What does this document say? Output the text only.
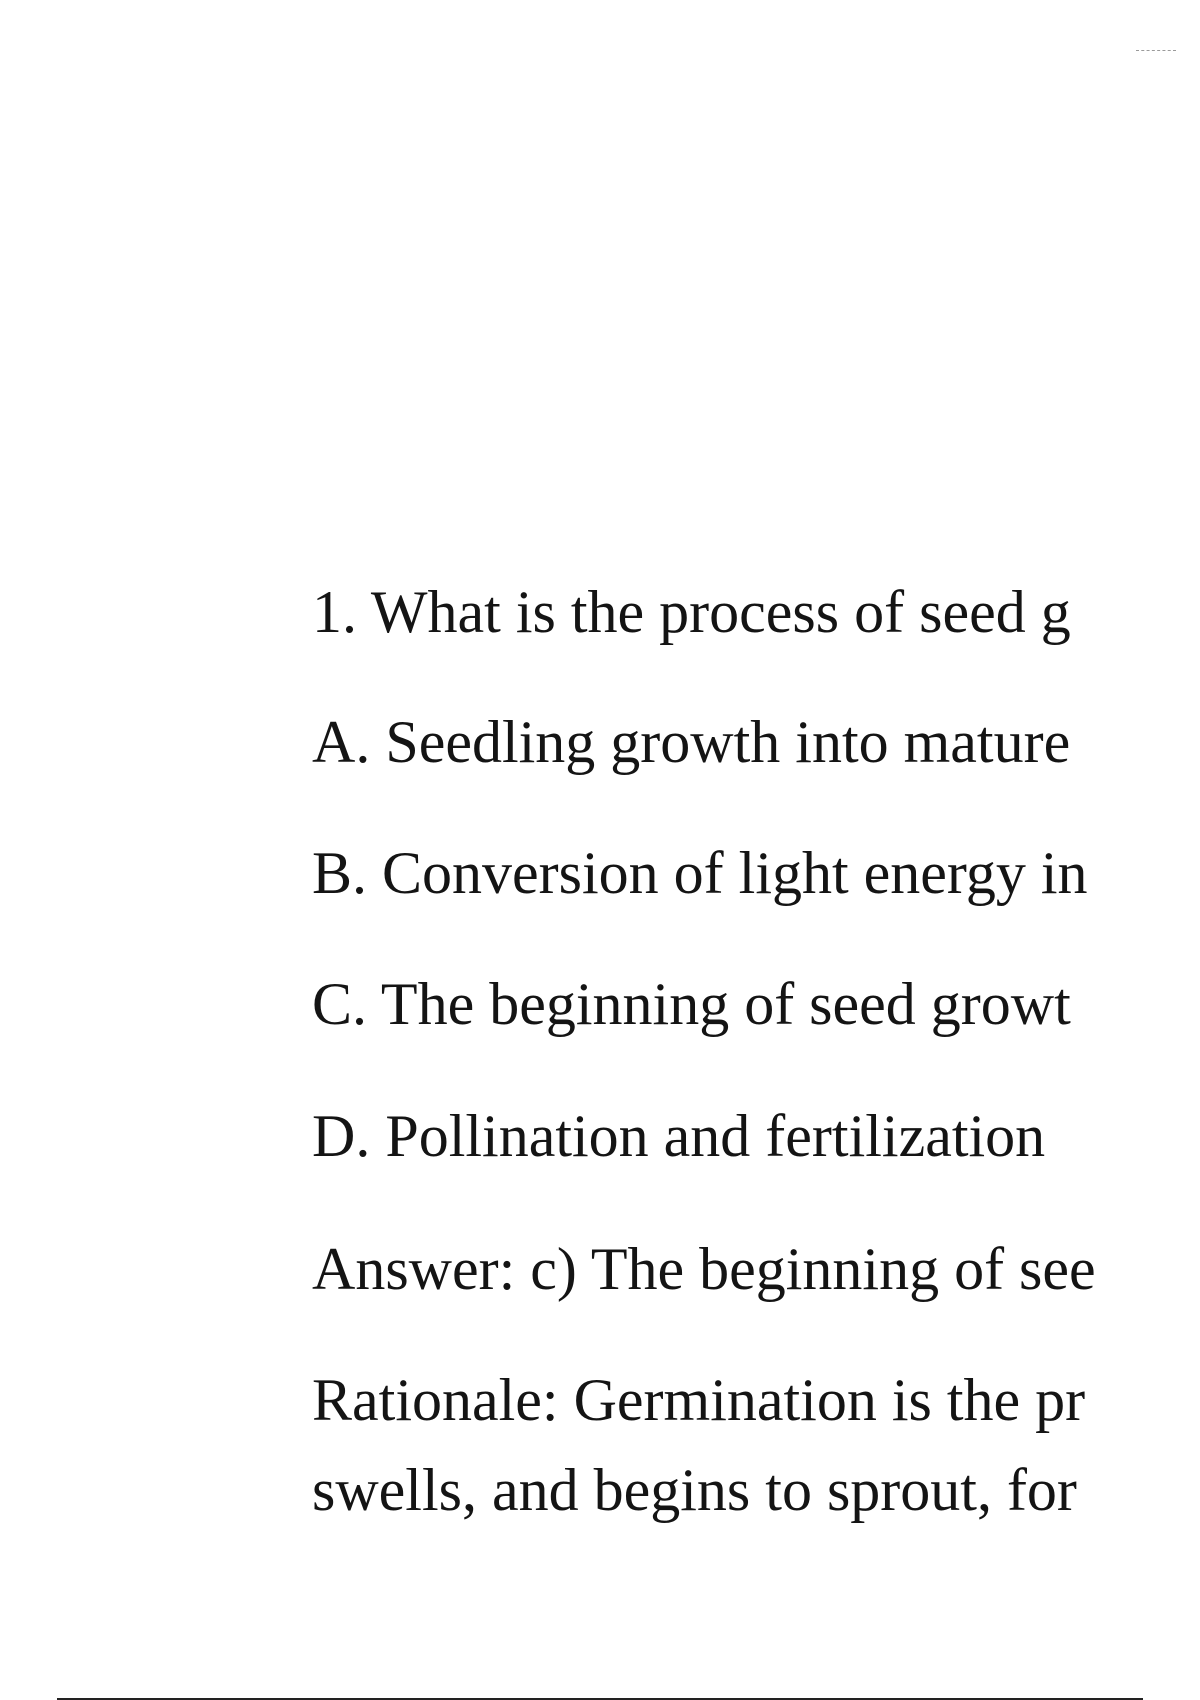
1. What is the process of seed g
A. Seedling growth into mature
B. Conversion of light energy in
C. The beginning of seed growt
D. Pollination and fertilization
Answer: c) The beginning of see
Rationale: Germination is the pr
swells, and begins to sprout, for
